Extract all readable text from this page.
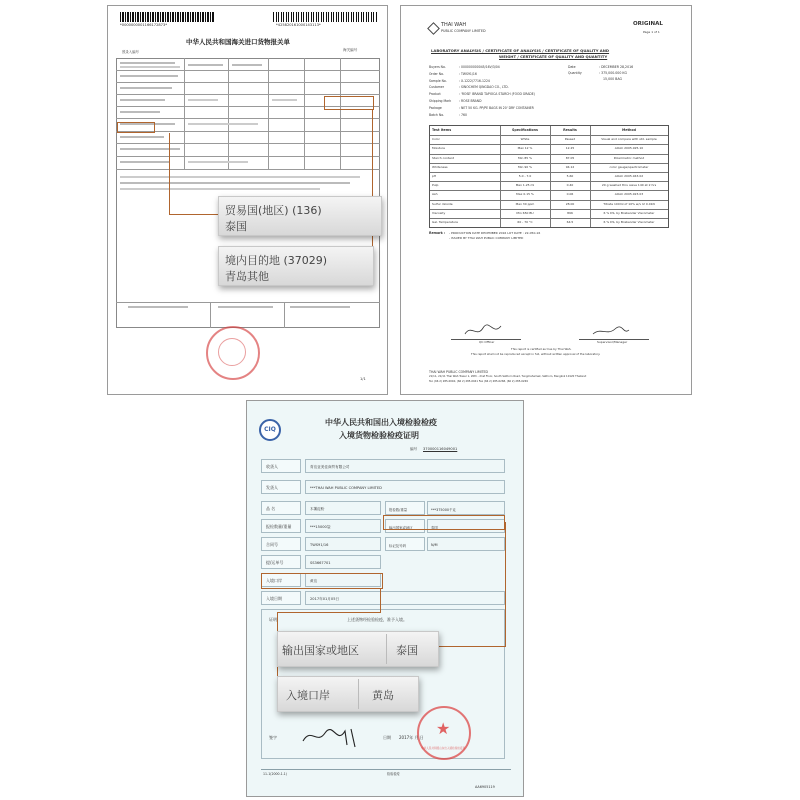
*0000000001166172873*	*425820161000143113*
中华人民共和国海关进口货物报关单
海关编号
预录入编号
贸易国(地区) (136)
泰国
境内目的地 (37029)
青岛其他
1/1
THAI WAH
PUBLIC COMPANY LIMITED
ORIGINAL
Page 1 of 1
LABORATORY ANALYSIS / CERTIFICATE OF ANALYSIS / CERTIFICATE OF QUALITY AND
WEIGHT / CERTIFICATE OF QUALITY AND QUANTITY
Date	: DECEMBER 28,2016
Quantity	: 375,000.000 KG
15,000 BAG
Buyers No.	: 000000000045/16V/3/04
Order No.	: TWS91/16
Sample No.	: X-1222/7716-1224
Customer	: SINOCHEM QINGDAO CO., LTD.
Product	: 'ROSE' BRAND TAPIOCA STARCH (FOOD GRADE)
Shipping Mark	: ROSE BRAND
Package	: NET 50 KG. PP/PE BAGS IN 20' DRY CONTAINER
Batch No.	: 760
Test Items	Specifications	Results	Method
Color	White	Passed	Visual and compare with std. sample
Moisture	Max 12 %	12.25	AOAC 2005.925.10
Starch content	Min 85 %	87.05	Polarimetric method
Whiteness	Min 90 %	94.12	color gauge/spectrometer
pH	5.0 - 7.0	5.60	AOAC 2005.943.02
Pulp	Max 1.25 ml	0.40	20 g washed thru sieve 140 at 2 hrs
Ash	Max 0.15 %	0.06	AOAC 2005.923.03
Sulfur dioxide	Max 30 ppm	28.00	Titrate 100ml of 10% w/v I2 0.01N
Viscosity	Min 650 BU	896	6 % DS, by Brabender Viscometer
Gel. Temperature	60 - 70 °C	64.5	6 % DS, by Brabender Viscometer
Remark : - PRODUCTION DATE DECEMBER 2016 LOT DATE : 22-050-16
- ISSUED BY THAI WAH PUBLIC COMPANY LIMITED
QC Officer	Supervisor/Manager
This report is certified as true by Thai Wah.
This report shall not be reproduced except in full, without written approval of the laboratory.
THAI WAH PUBLIC COMPANY LIMITED
21/11, 21/11 Thai Wah Tower 1, 20th - 21st Floor, South Sathorn Road, Tungmahamek, Sathorn, Bangkok 10120 Thailand
Tel. (66 2) 285-0040, (66 2) 285-0041 Fax (66 2) 285-0268, (66 2) 285-0269
CIQ
中华人民共和国出入境检验检疫
入境货物检验检疫证明
编号 370000116049001
收货人	青岛亚美佳商贸有限公司
发货人	***THAI WAH PUBLIC COMPANY LIMITED
品 名	木薯淀粉
报检数量/重量	***15000袋
合同号	TWS91/16
提/运单号	SS3667701
入境口岸	黄岛
入境日期	2017年01月05日
报检数/重量	***375000千克
输出国家或地区	泰国
标记及号码	N/M
证明	上述货物经检验检疫，准予入境。
输出国家或地区	泰国
入境口岸	黄岛
★
中华人民共和国山东出入境检验检疫局
签字	日期 2017年 月 日
11-1(2000.1.1)	检验检疫
AA6905119
